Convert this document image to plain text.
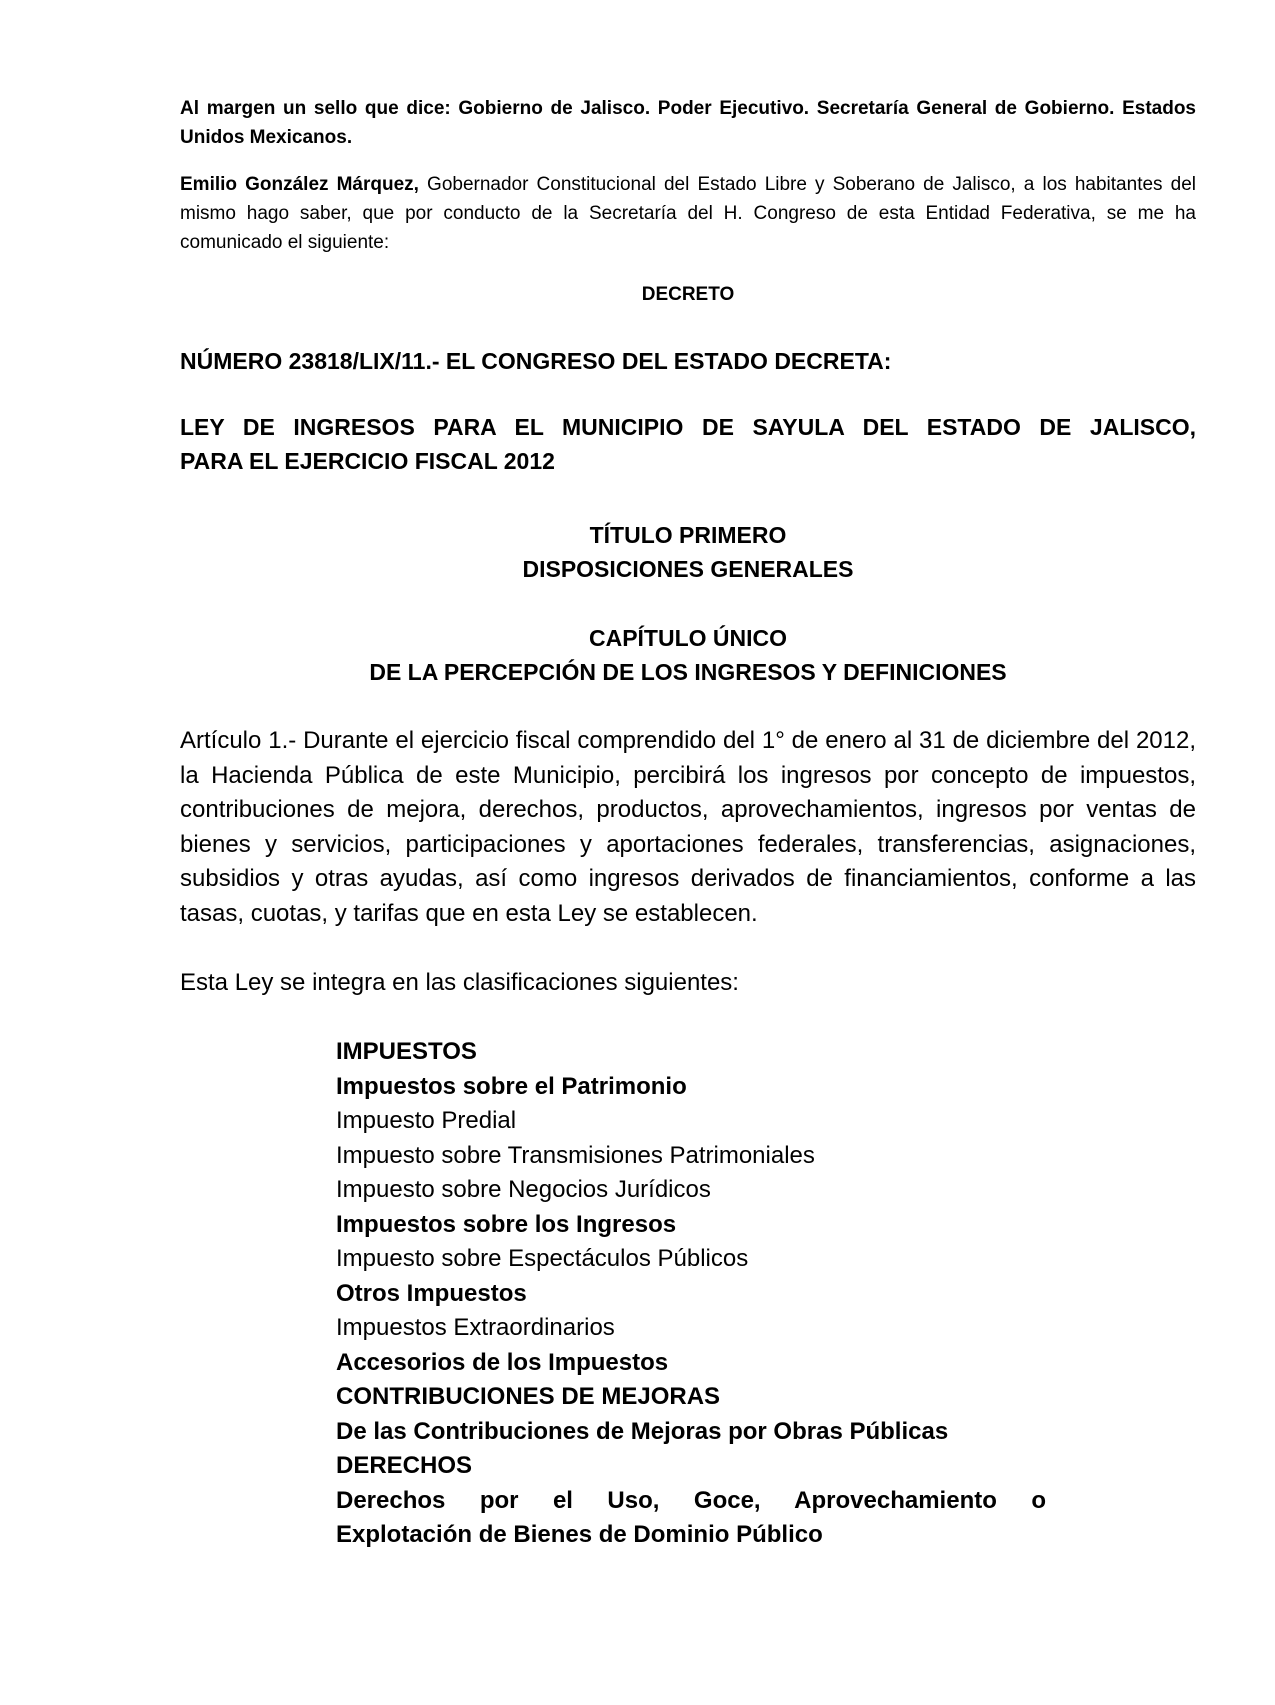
Al margen un sello que dice: Gobierno de Jalisco. Poder Ejecutivo. Secretaría General de Gobierno. Estados Unidos Mexicanos.
Emilio González Márquez, Gobernador Constitucional del Estado Libre y Soberano de Jalisco, a los habitantes del mismo hago saber, que por conducto de la Secretaría del H. Congreso de esta Entidad Federativa, se me ha comunicado el siguiente:
DECRETO
NÚMERO 23818/LIX/11.- EL CONGRESO DEL ESTADO DECRETA:
LEY DE INGRESOS PARA EL MUNICIPIO DE SAYULA DEL ESTADO DE JALISCO,
PARA EL EJERCICIO FISCAL 2012
TÍTULO PRIMERO
DISPOSICIONES GENERALES
CAPÍTULO ÚNICO
DE LA PERCEPCIÓN DE LOS INGRESOS Y DEFINICIONES
Artículo 1.- Durante el ejercicio fiscal comprendido del 1° de enero al 31 de diciembre del 2012, la Hacienda Pública de este Municipio, percibirá los ingresos por concepto de impuestos, contribuciones de mejora, derechos, productos, aprovechamientos, ingresos por ventas de bienes y servicios, participaciones y aportaciones federales, transferencias, asignaciones, subsidios y otras ayudas, así como ingresos derivados de financiamientos, conforme a las tasas, cuotas, y tarifas que en esta Ley se establecen.
Esta Ley se integra en las clasificaciones siguientes:
IMPUESTOS
Impuestos sobre el Patrimonio
Impuesto Predial
Impuesto sobre Transmisiones Patrimoniales
Impuesto sobre Negocios Jurídicos
Impuestos sobre los Ingresos
Impuesto sobre Espectáculos Públicos
Otros Impuestos
Impuestos Extraordinarios
Accesorios de los Impuestos
CONTRIBUCIONES DE MEJORAS
De las Contribuciones de Mejoras por Obras Públicas
DERECHOS
Derechos por el Uso, Goce, Aprovechamiento o
Explotación de Bienes de Dominio Público
